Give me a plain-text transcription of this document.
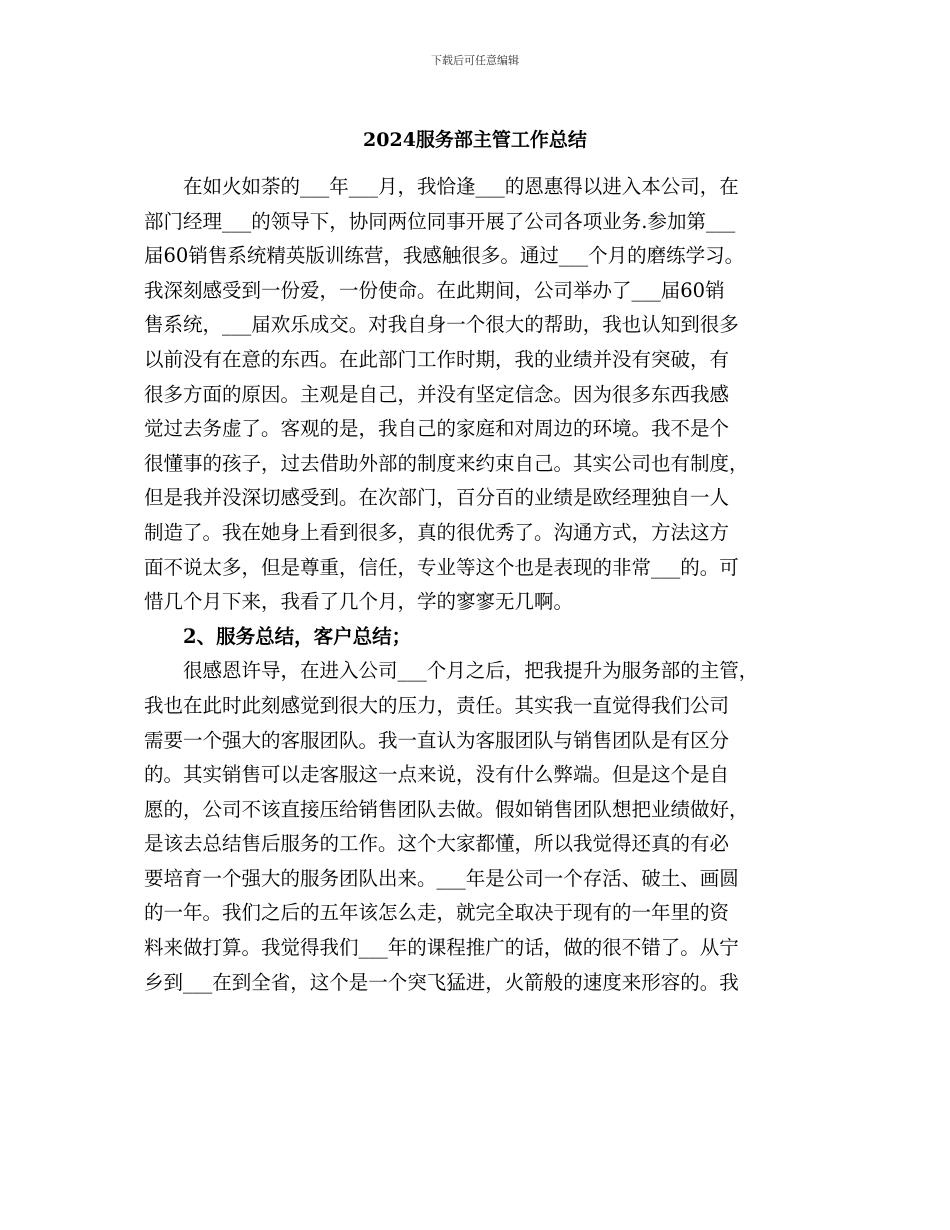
下载后可任意编辑
2024服务部主管工作总结
　　在如火如荼的___年___月，我恰逢___的恩惠得以进入本公司，在
部门经理___的领导下，协同两位同事开展了公司各项业务.参加第___
届60销售系统精英版训练营，我感触很多。通过___个月的磨练学习。
我深刻感受到一份爱，一份使命。在此期间，公司举办了___届60销
售系统，___届欢乐成交。对我自身一个很大的帮助，我也认知到很多
以前没有在意的东西。在此部门工作时期，我的业绩并没有突破，有
很多方面的原因。主观是自己，并没有坚定信念。因为很多东西我感
觉过去务虚了。客观的是，我自己的家庭和对周边的环境。我不是个
很懂事的孩子，过去借助外部的制度来约束自己。其实公司也有制度，
但是我并没深切感受到。在次部门，百分百的业绩是欧经理独自一人
制造了。我在她身上看到很多，真的很优秀了。沟通方式，方法这方
面不说太多，但是尊重，信任，专业等这个也是表现的非常___的。可
惜几个月下来，我看了几个月，学的寥寥无几啊。
　　2、服务总结，客户总结；
　　很感恩许导，在进入公司___个月之后，把我提升为服务部的主管，
我也在此时此刻感觉到很大的压力，责任。其实我一直觉得我们公司
需要一个强大的客服团队。我一直认为客服团队与销售团队是有区分
的。其实销售可以走客服这一点来说，没有什么弊端。但是这个是自
愿的，公司不该直接压给销售团队去做。假如销售团队想把业绩做好，
是该去总结售后服务的工作。这个大家都懂，所以我觉得还真的有必
要培育一个强大的服务团队出来。___年是公司一个存活、破土、画圆
的一年。我们之后的五年该怎么走，就完全取决于现有的一年里的资
料来做打算。我觉得我们___年的课程推广的话，做的很不错了。从宁
乡到___在到全省，这个是一个突飞猛进，火箭般的速度来形容的。我
